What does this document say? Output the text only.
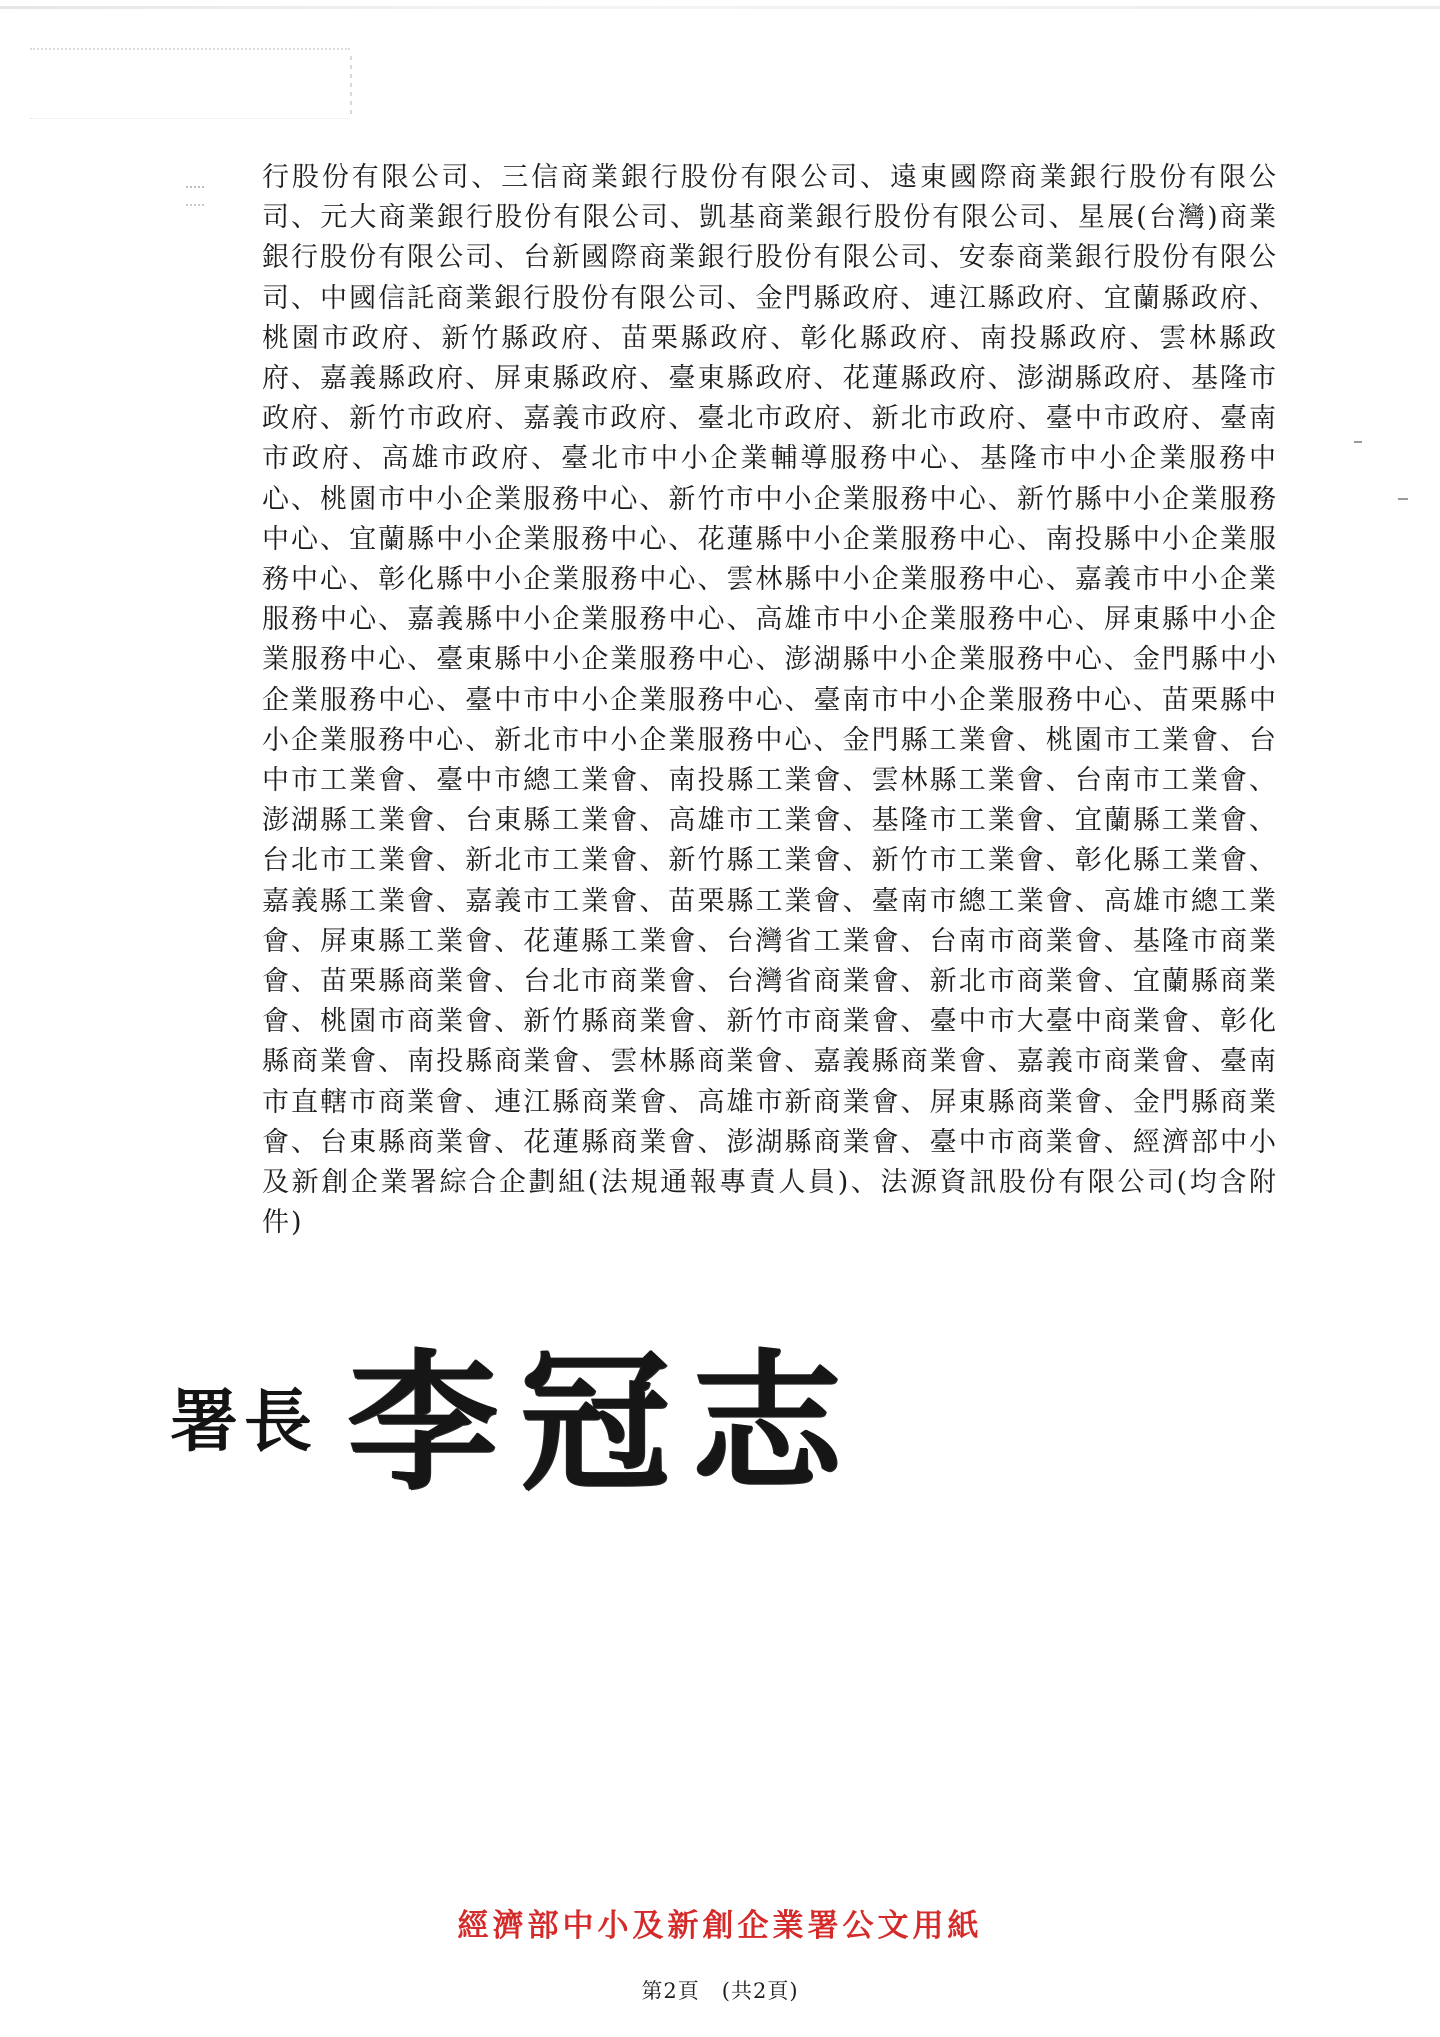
行股份有限公司、三信商業銀行股份有限公司、遠東國際商業銀行股份有限公司、元大商業銀行股份有限公司、凱基商業銀行股份有限公司、星展(台灣)商業銀行股份有限公司、台新國際商業銀行股份有限公司、安泰商業銀行股份有限公司、中國信託商業銀行股份有限公司、金門縣政府、連江縣政府、宜蘭縣政府、桃園市政府、新竹縣政府、苗栗縣政府、彰化縣政府、南投縣政府、雲林縣政府、嘉義縣政府、屏東縣政府、臺東縣政府、花蓮縣政府、澎湖縣政府、基隆市政府、新竹市政府、嘉義市政府、臺北市政府、新北市政府、臺中市政府、臺南市政府、高雄市政府、臺北市中小企業輔導服務中心、基隆市中小企業服務中心、桃園市中小企業服務中心、新竹市中小企業服務中心、新竹縣中小企業服務中心、宜蘭縣中小企業服務中心、花蓮縣中小企業服務中心、南投縣中小企業服務中心、彰化縣中小企業服務中心、雲林縣中小企業服務中心、嘉義市中小企業服務中心、嘉義縣中小企業服務中心、高雄市中小企業服務中心、屏東縣中小企業服務中心、臺東縣中小企業服務中心、澎湖縣中小企業服務中心、金門縣中小企業服務中心、臺中市中小企業服務中心、臺南市中小企業服務中心、苗栗縣中小企業服務中心、新北市中小企業服務中心、金門縣工業會、桃園市工業會、台中市工業會、臺中市總工業會、南投縣工業會、雲林縣工業會、台南市工業會、澎湖縣工業會、台東縣工業會、高雄市工業會、基隆市工業會、宜蘭縣工業會、台北市工業會、新北市工業會、新竹縣工業會、新竹市工業會、彰化縣工業會、嘉義縣工業會、嘉義市工業會、苗栗縣工業會、臺南市總工業會、高雄市總工業會、屏東縣工業會、花蓮縣工業會、台灣省工業會、台南市商業會、基隆市商業會、苗栗縣商業會、台北市商業會、台灣省商業會、新北市商業會、宜蘭縣商業會、桃園市商業會、新竹縣商業會、新竹市商業會、臺中市大臺中商業會、彰化縣商業會、南投縣商業會、雲林縣商業會、嘉義縣商業會、嘉義市商業會、臺南市直轄市商業會、連江縣商業會、高雄市新商業會、屏東縣商業會、金門縣商業會、台東縣商業會、花蓮縣商業會、澎湖縣商業會、臺中市商業會、經濟部中小及新創企業署綜合企劃組(法規通報專責人員)、法源資訊股份有限公司(均含附件)
署長 李冠志
經濟部中小及新創企業署公文用紙
第2頁　(共2頁)
